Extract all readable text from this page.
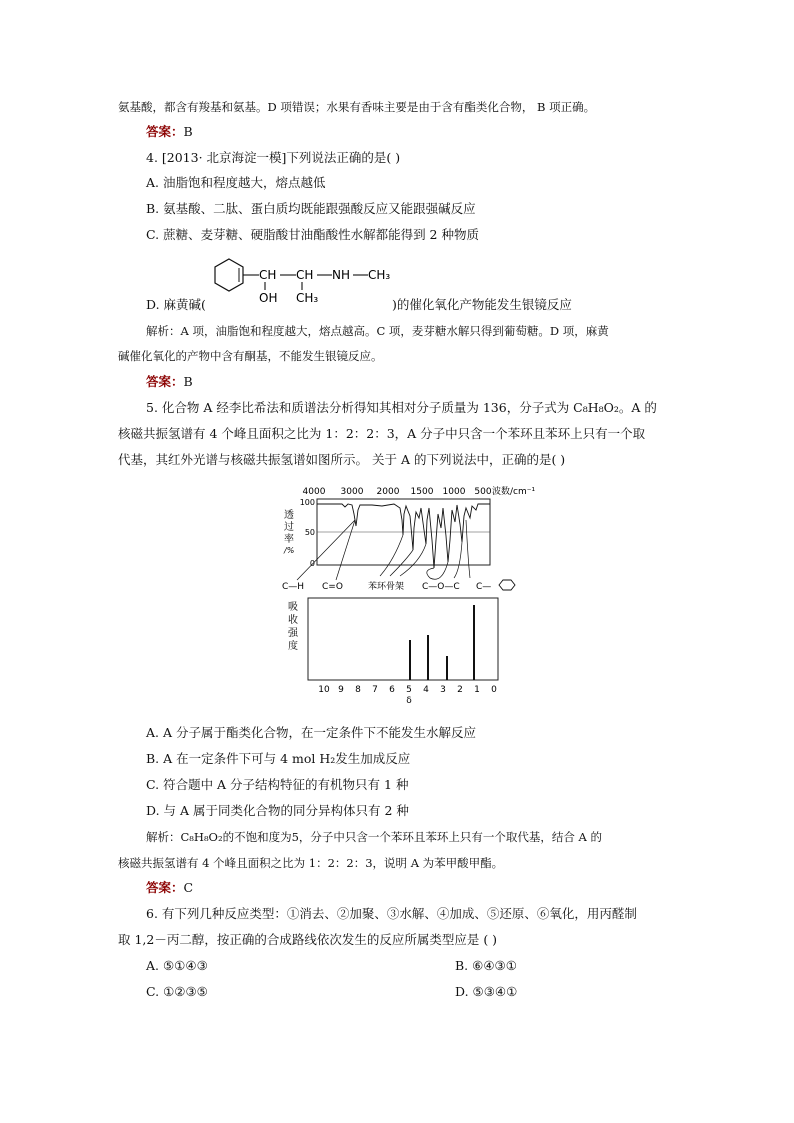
氨基酸，都含有羧基和氨基。D 项错误；水果有香味主要是由于含有酯类化合物， B 项正确。
答案：B
4. [2013· 北京海淀一模]下列说法正确的是( )
A. 油脂饱和程度越大，熔点越低
B. 氨基酸、二肽、蛋白质均既能跟强酸反应又能跟强碱反应
C. 蔗糖、麦芽糖、硬脂酸甘油酯酸性水解都能得到 2 种物质
CH CH NH CH₃
OH CH₃
D. 麻黄碱(	)的催化氧化产物能发生银镜反应
解析：A 项，油脂饱和程度越大，熔点越高。C 项，麦芽糖水解只得到葡萄糖。D 项，麻黄
碱催化氧化的产物中含有酮基，不能发生银镜反应。
答案：B
5. 化合物 A 经李比希法和质谱法分析得知其相对分子质量为 136，分子式为 C₈H₈O₂。A 的
核磁共振氢谱有 4 个峰且面积之比为 1：2：2：3，A 分子中只含一个苯环且苯环上只有一个取
代基，其红外光谱与核磁共振氢谱如图所示。 关于 A 的下列说法中，正确的是( )
4000 3000 2000 1500 1000 500 波数/cm⁻¹
100
50
0
透
过
率
/%
C—H C=O	苯环骨架 C—O—C C—
吸
收
强
度
10 9 8 7 6 5 4 3 2 1 0
δ
A. A 分子属于酯类化合物，在一定条件下不能发生水解反应
B. A 在一定条件下可与 4 mol H₂发生加成反应
C. 符合题中 A 分子结构特征的有机物只有 1 种
D. 与 A 属于同类化合物的同分异构体只有 2 种
解析：C₈H₈O₂的不饱和度为5，分子中只含一个苯环且苯环上只有一个取代基，结合 A 的
核磁共振氢谱有 4 个峰且面积之比为 1：2：2：3，说明 A 为苯甲酸甲酯。
答案：C
6. 有下列几种反应类型：①消去、②加聚、③水解、④加成、⑤还原、⑥氧化，用丙醛制
取 1,2－丙二醇，按正确的合成路线依次发生的反应所属类型应是 ( )
A. ⑤①④③	B. ⑥④③①
C. ①②③⑤	D. ⑤③④①
